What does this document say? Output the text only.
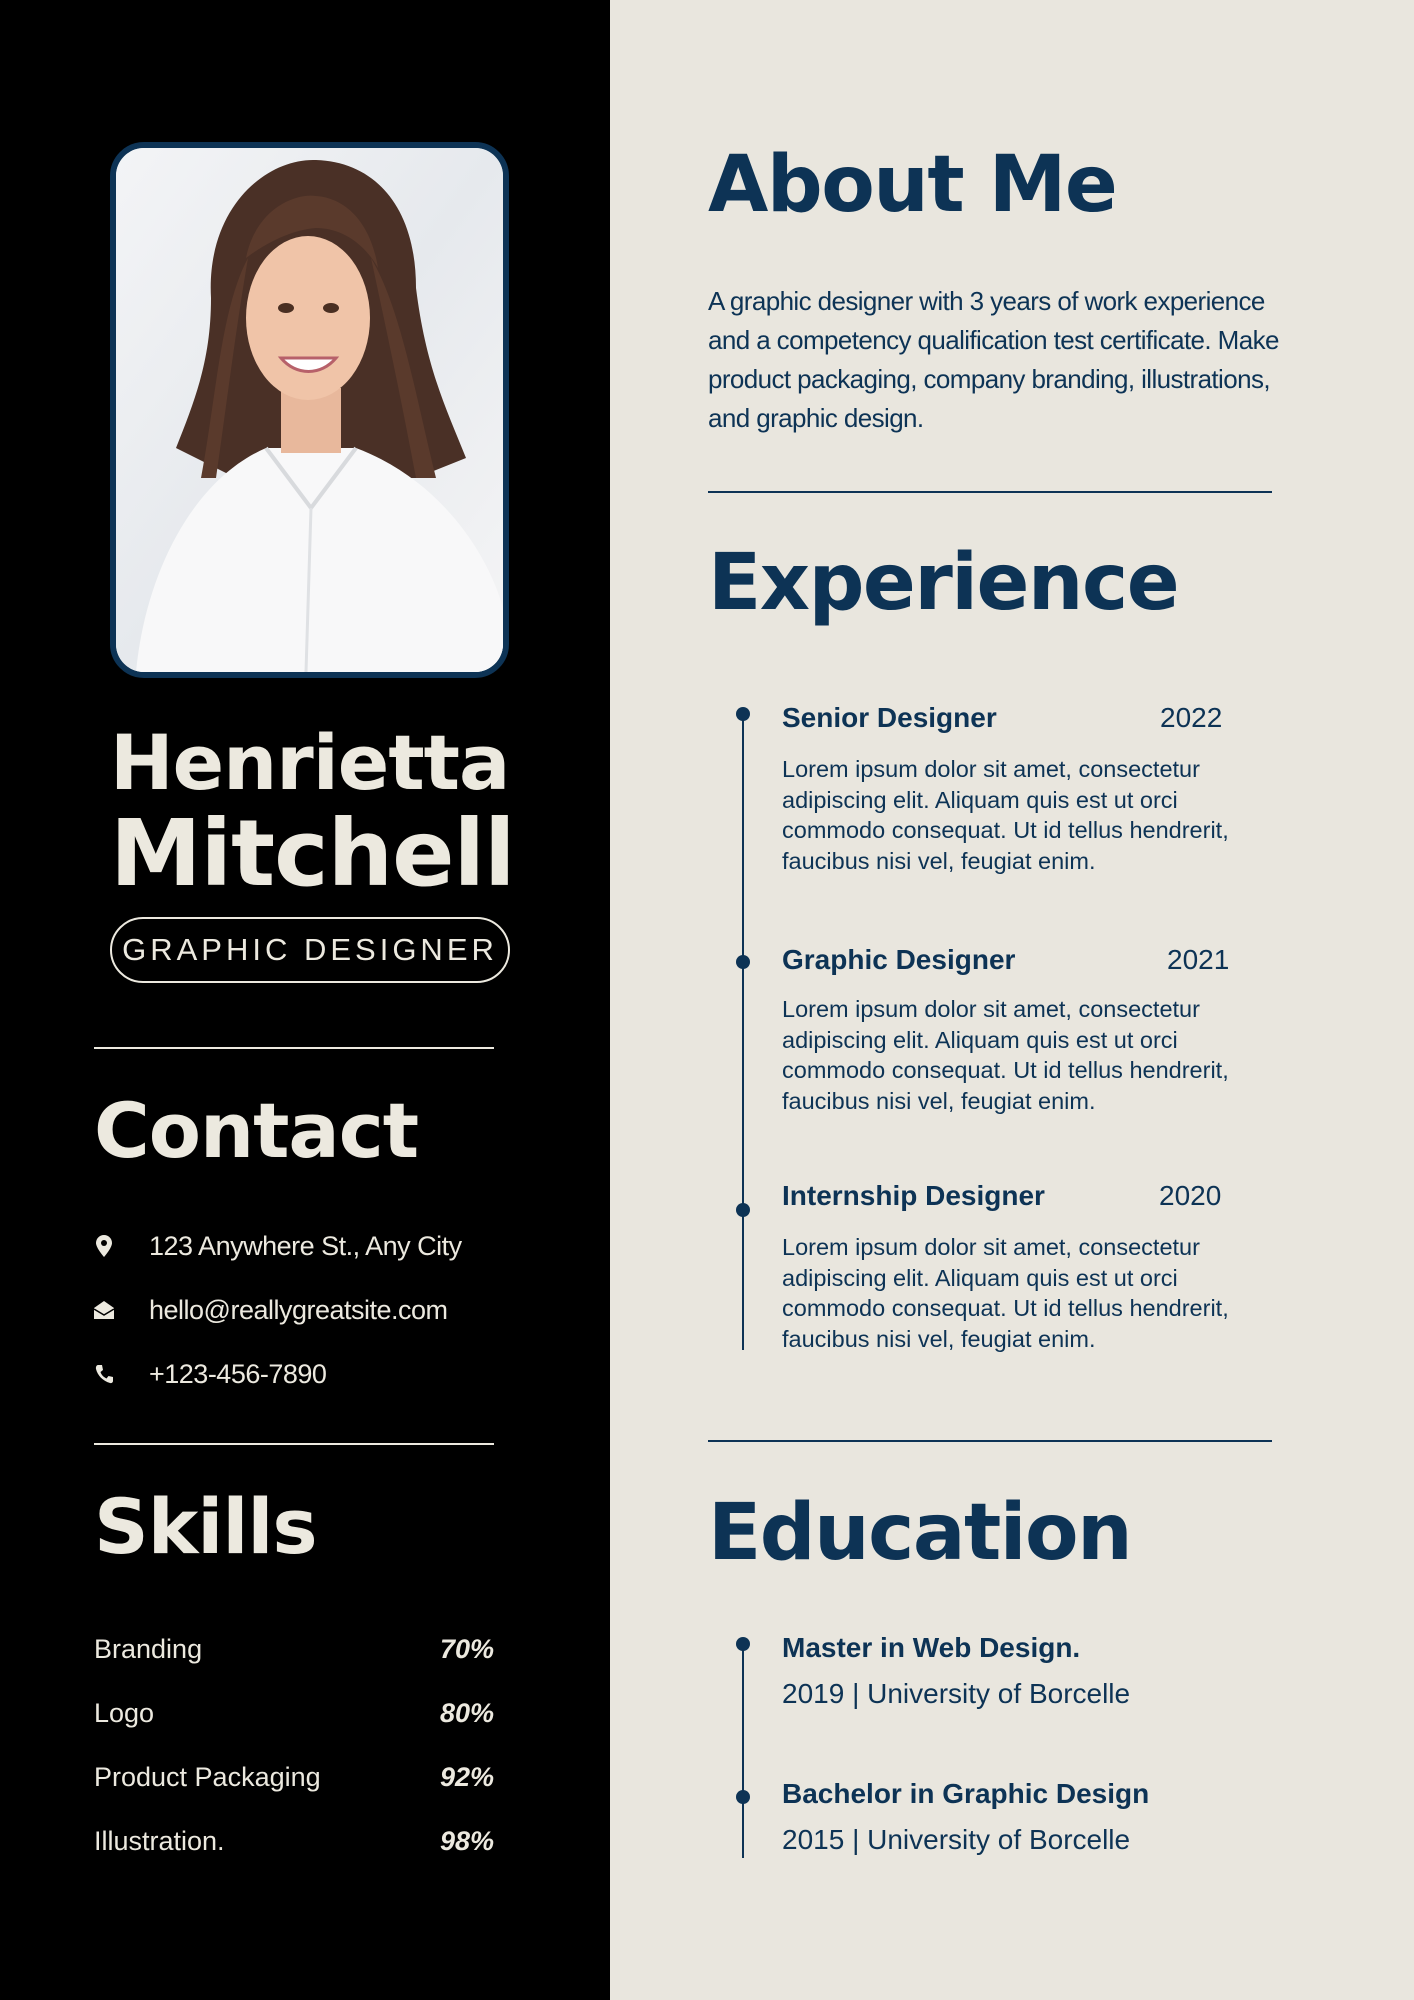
Henrietta
Mitchell
GRAPHIC DESIGNER
Contact
123 Anywhere St., Any City
hello@reallygreatsite.com
+123-456-7890
Skills
Branding	70%
Logo	80%
Product Packaging	92%
Illustration.	98%
About Me
A graphic designer with 3 years of work experience and a competency qualification test certificate. Make product packaging, company branding, illustrations, and graphic design.
Experience
Senior Designer	2022
Lorem ipsum dolor sit amet, consectetur adipiscing elit. Aliquam quis est ut orci commodo consequat. Ut id tellus hendrerit, faucibus nisi vel, feugiat enim.
Graphic Designer	2021
Lorem ipsum dolor sit amet, consectetur adipiscing elit. Aliquam quis est ut orci commodo consequat. Ut id tellus hendrerit, faucibus nisi vel, feugiat enim.
Internship Designer	2020
Lorem ipsum dolor sit amet, consectetur adipiscing elit. Aliquam quis est ut orci commodo consequat. Ut id tellus hendrerit, faucibus nisi vel, feugiat enim.
Education
Master in Web Design.
2019 | University of Borcelle
Bachelor in Graphic Design
2015 | University of Borcelle
